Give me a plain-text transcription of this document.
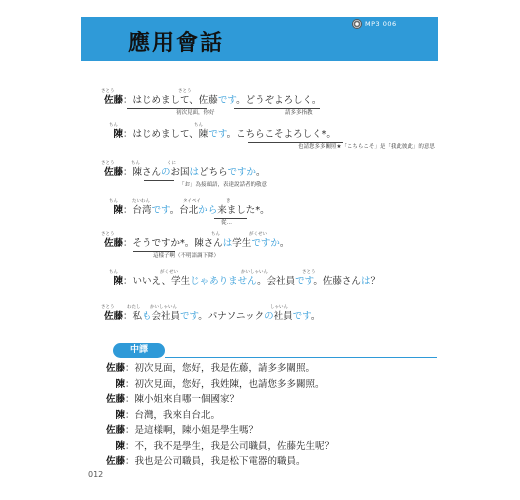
應用會話
MP3 006
さとう
佐藤：はじめまして、佐藤です。どうぞよろしく。
さとう
初次見面，你好	請多多指教
ちん
陳：はじめまして、陳です。こちらこそよろしく*。
ちん
也請您多多關照★「こちらこそ」是「我此彼此」的意思
さとう
佐藤：陳さんのお国はどちらですか。
ちん	くに
「お」為接頭語，表達說話者的敬意
ちん
陳：台湾です。台北から来ました*。
たいわん	タイペイ	き
從…
さとう
佐藤：そうですか*。陳さんは学生ですか。
ちん	がくせい
這樣子啊（不明語調下降）
ちん
陳：いいえ、学生じゃありません。会社員です。佐藤さんは？
がくせい	かいしゃいん	さとう
さとう
佐藤：私も会社員です。パナソニックの社員です。
わたし かいしゃいん	しゃいん
中譯
佐藤：初次見面，您好，我是佐藤，請多多關照。
陳：初次見面，您好，我姓陳，也請您多多關照。
佐藤：陳小姐來自哪一個國家？
陳：台灣，我來自台北。
佐藤：是這樣啊，陳小姐是學生嗎？
陳：不，我不是學生，我是公司職員，佐藤先生呢？
佐藤：我也是公司職員，我是松下電器的職員。
012
